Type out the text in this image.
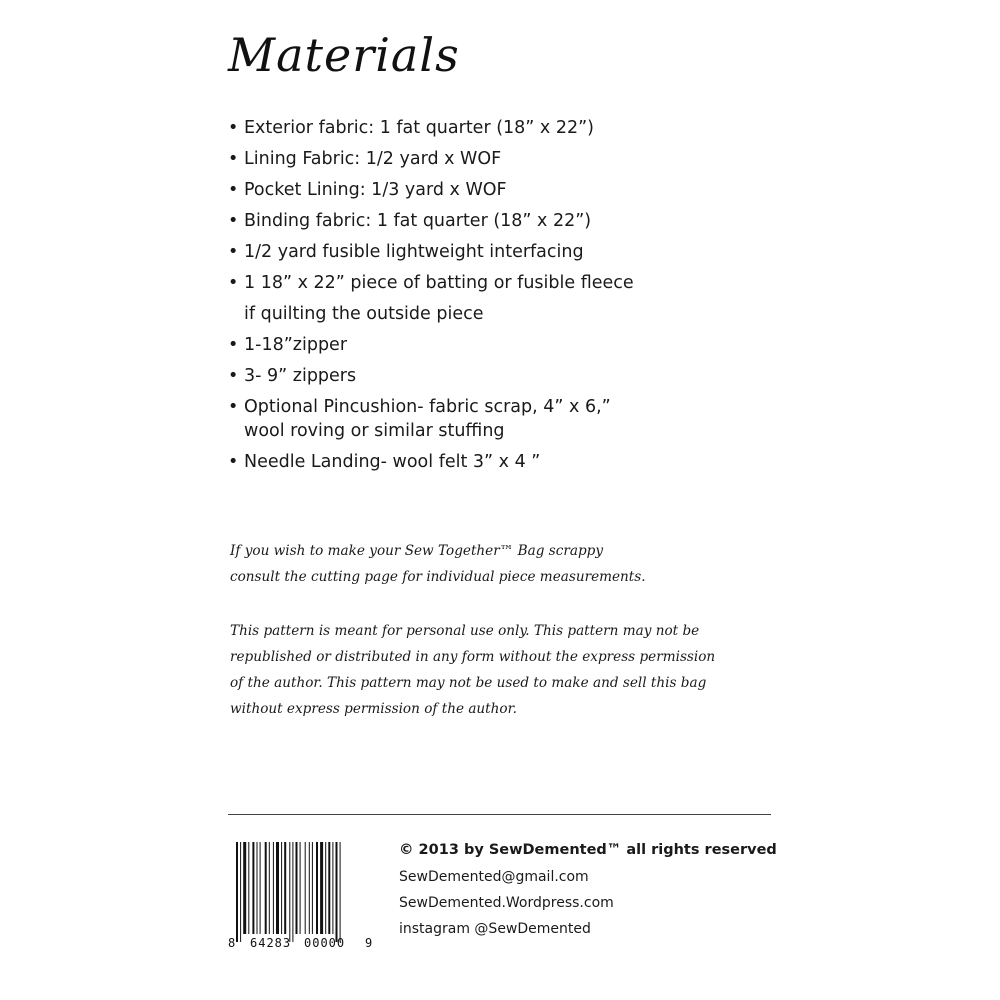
Materials
• Exterior fabric: 1 fat quarter (18” x 22”)
• Lining Fabric: 1/2 yard x WOF
• Pocket Lining: 1/3 yard x WOF
• Binding fabric: 1 fat quarter (18” x 22”)
• 1/2 yard fusible lightweight interfacing
• 1 18” x 22” piece of batting or fusible fleece
if quilting the outside piece
• 1-18”zipper
• 3- 9” zippers
• Optional Pincushion- fabric scrap, 4” x 6,”
wool roving or similar stuffing
• Needle Landing- wool felt 3” x 4 ”

If you wish to make your Sew Together™ Bag scrappy

consult the cutting page for individual piece measurements.

This pattern is meant for personal use only. This pattern may not be

republished or distributed in any form without the express permission

of the author. This pattern may not be used to make and sell this bag

without express permission of the author.

8 64283 00000 9
© 2013 by SewDemented™ all rights reserved
SewDemented@gmail.com
SewDemented.Wordpress.com
instagram @SewDemented
